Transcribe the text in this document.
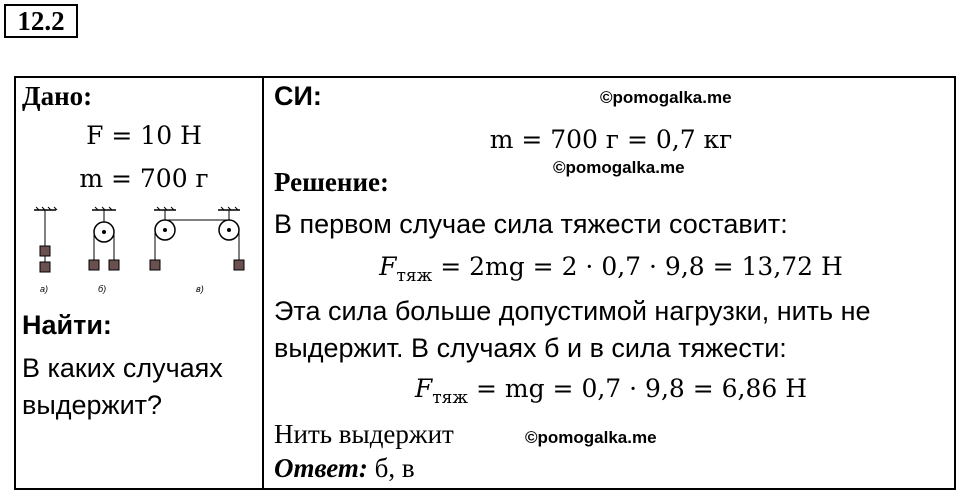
12.2
Дано:
F = 10 Н
m = 700 г
а)	б)	в)
Найти:
В каких случаях
выдержит?
СИ:
m = 700 г = 0,7 кг
Решение:
В первом случае сила тяжести составит:
$F_{тяж} = 2mg = 2 \cdot 0,7 \cdot 9,8 = 13,72$ Н
Эта сила больше допустимой нагрузки, нить не
выдержит. В случаях б и в сила тяжести:
$F_{тяж}$ = mg = 0,7 · 9,8 = 6,86 Н
Нить выдержит
Ответ: б, в
©pomogalka.me
©pomogalka.me
©pomogalka.me
